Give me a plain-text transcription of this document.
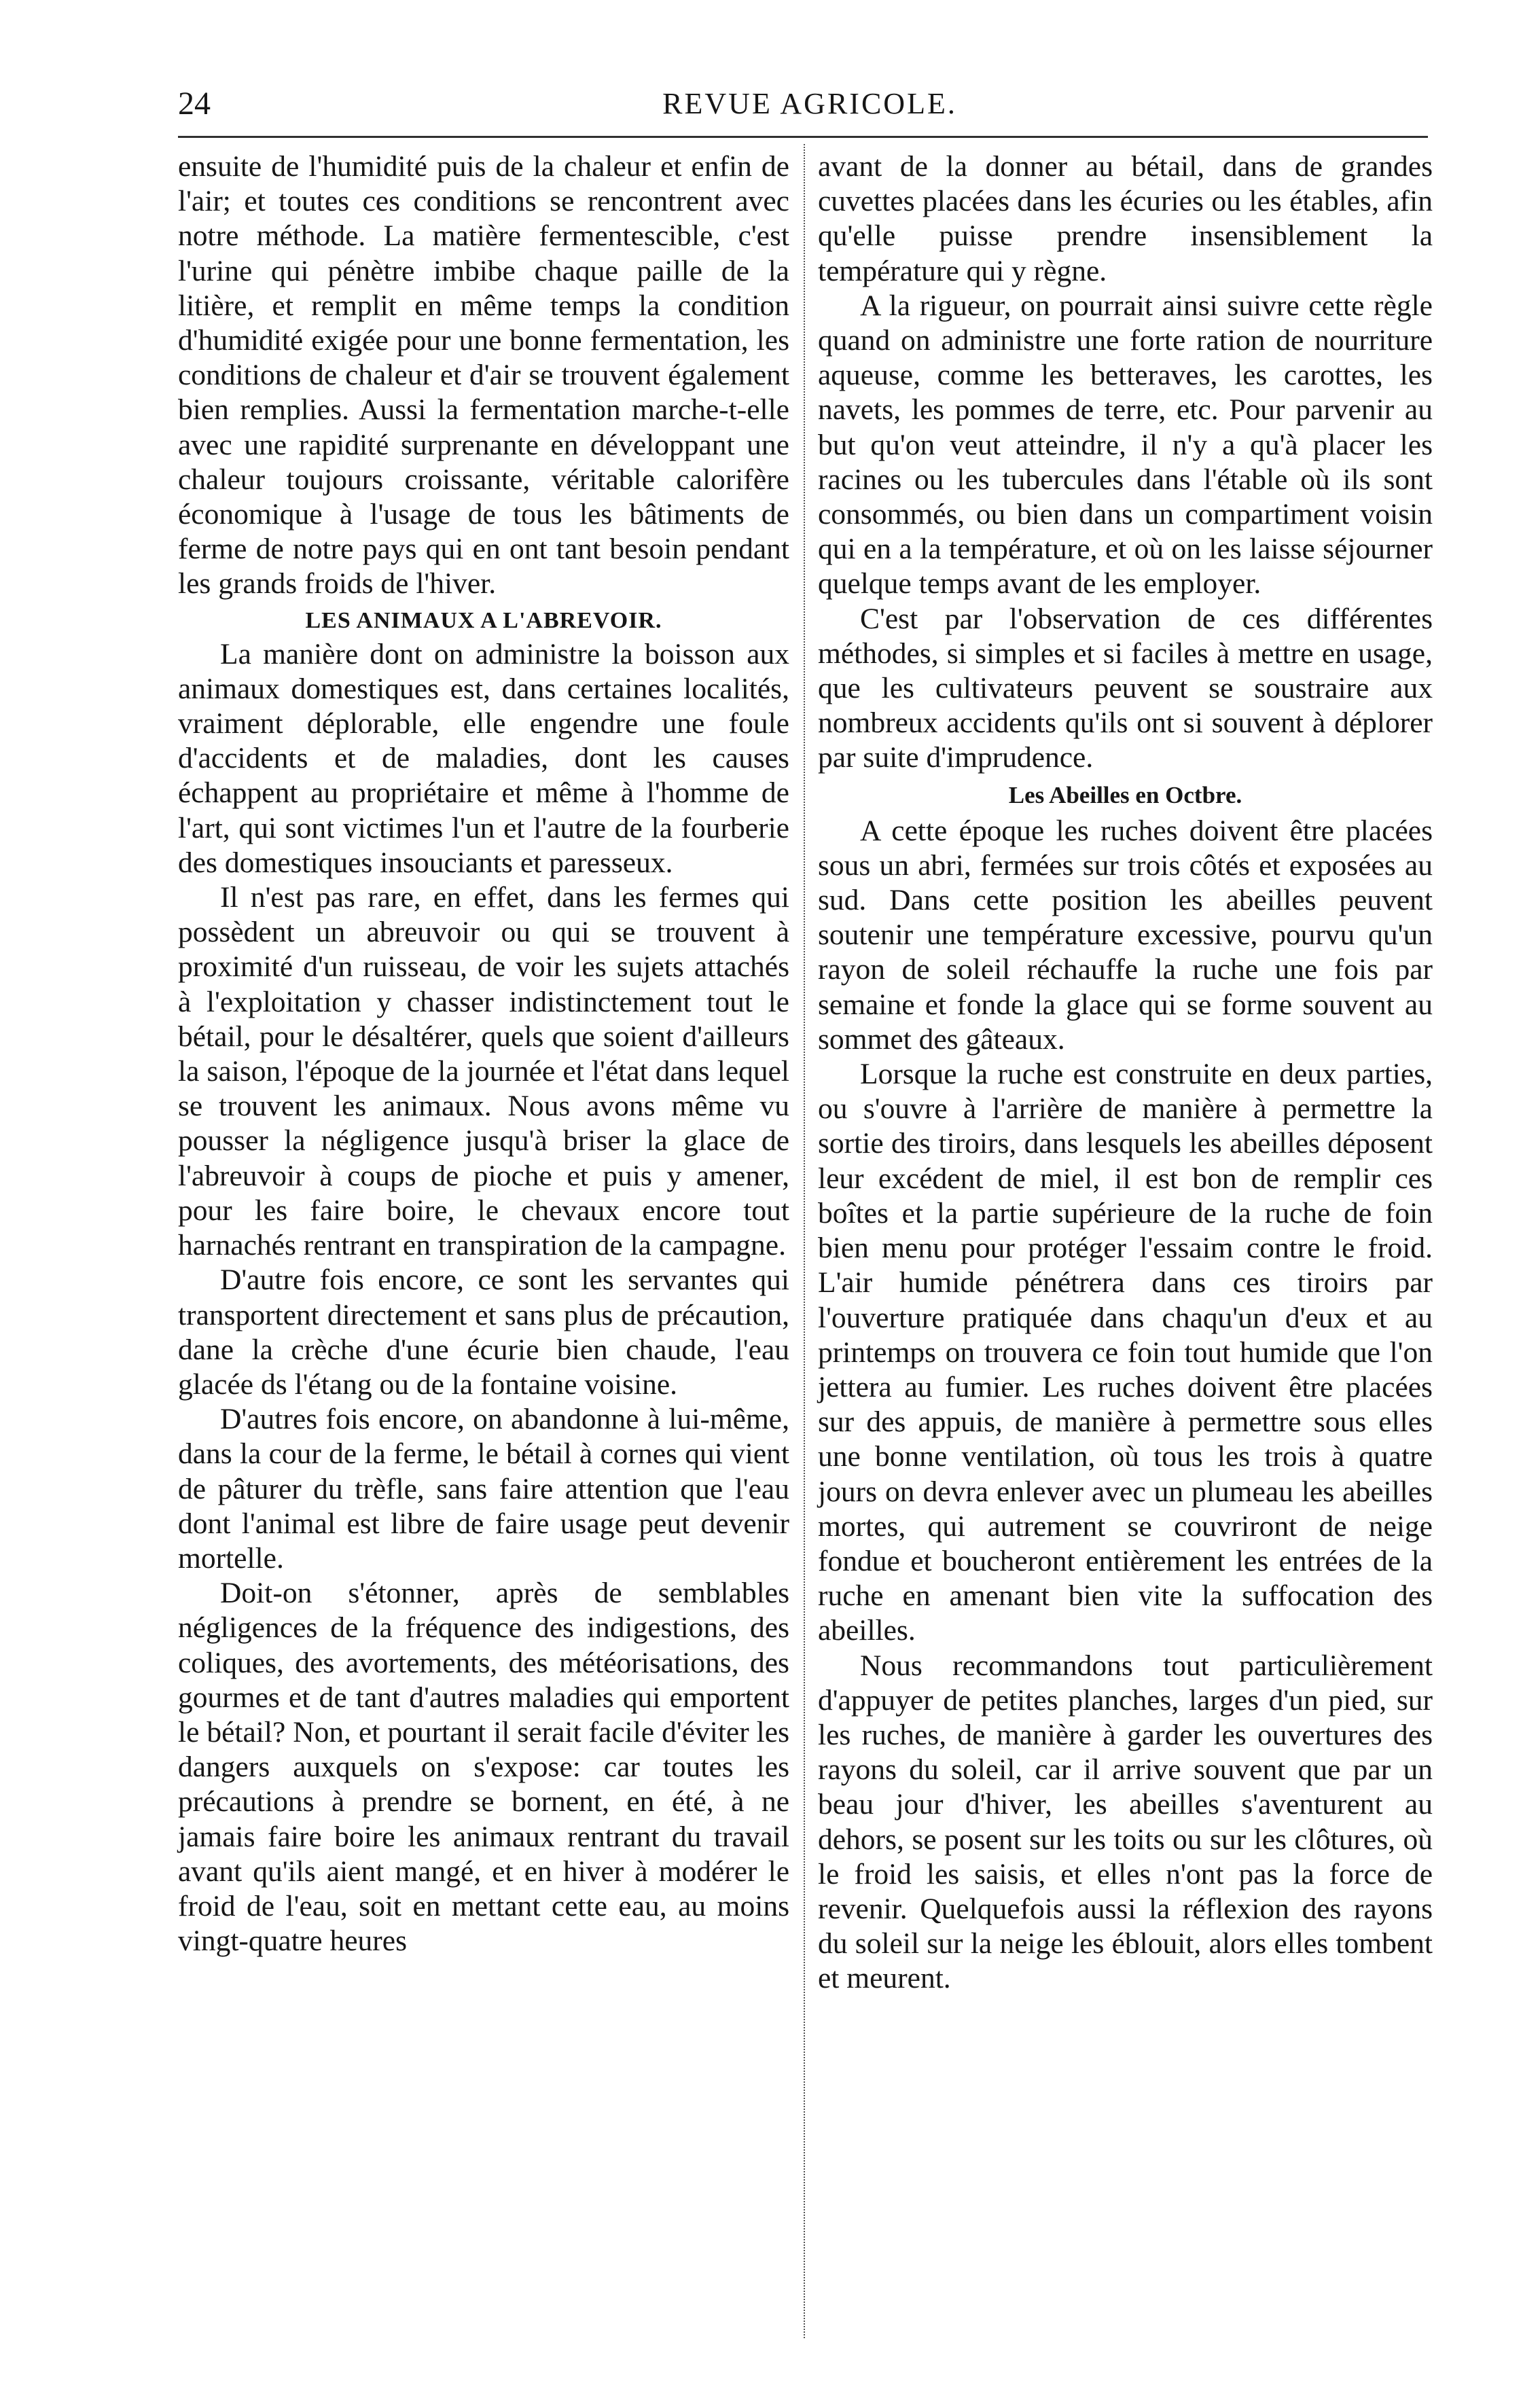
24	REVUE AGRICOLE.

ensuite de l'humidité puis de la chaleur et enfin de l'air; et toutes ces conditions se rencontrent avec notre méthode. La matière fermentescible, c'est l'urine qui pénètre imbibe chaque paille de la litière, et remplit en même temps la condition d'humidité exigée pour une bonne fermentation, les conditions de chaleur et d'air se trouvent également bien remplies. Aussi la fermentation marche-t-elle avec une rapidité surprenante en développant une chaleur toujours croissante, véritable calorifère économique à l'usage de tous les bâtiments de ferme de notre pays qui en ont tant besoin pendant les grands froids de l'hiver.

LES ANIMAUX A L'ABREVOIR.

La manière dont on administre la boisson aux animaux domestiques est, dans certaines localités, vraiment déplorable, elle engendre une foule d'accidents et de maladies, dont les causes échappent au propriétaire et même à l'homme de l'art, qui sont victimes l'un et l'autre de la fourberie des domestiques insouciants et paresseux.

Il n'est pas rare, en effet, dans les fermes qui possèdent un abreuvoir ou qui se trouvent à proximité d'un ruisseau, de voir les sujets attachés à l'exploitation y chasser indistinctement tout le bétail, pour le désaltérer, quels que soient d'ailleurs la saison, l'époque de la journée et l'état dans lequel se trouvent les animaux. Nous avons même vu pousser la négligence jusqu'à briser la glace de l'abreuvoir à coups de pioche et puis y amener, pour les faire boire, le chevaux encore tout harnachés rentrant en transpiration de la campagne.

D'autre fois encore, ce sont les servantes qui transportent directement et sans plus de précaution, dane la crèche d'une écurie bien chaude, l'eau glacée ds l'étang ou de la fontaine voisine.

D'autres fois encore, on abandonne à lui-même, dans la cour de la ferme, le bétail à cornes qui vient de pâturer du trèfle, sans faire attention que l'eau dont l'animal est libre de faire usage peut devenir mortelle.

Doit-on s'étonner, après de semblables négligences de la fréquence des indigestions, des coliques, des avortements, des météorisations, des gourmes et de tant d'autres maladies qui emportent le bétail? Non, et pourtant il serait facile d'éviter les dangers auxquels on s'expose: car toutes les précautions à prendre se bornent, en été, à ne jamais faire boire les animaux rentrant du travail avant qu'ils aient mangé, et en hiver à modérer le froid de l'eau, soit en mettant cette eau, au moins vingt-quatre heures

avant de la donner au bétail, dans de grandes cuvettes placées dans les écuries ou les étables, afin qu'elle puisse prendre insensiblement la température qui y règne.

A la rigueur, on pourrait ainsi suivre cette règle quand on administre une forte ration de nourriture aqueuse, comme les betteraves, les carottes, les navets, les pommes de terre, etc. Pour parvenir au but qu'on veut atteindre, il n'y a qu'à placer les racines ou les tubercules dans l'étable où ils sont consommés, ou bien dans un compartiment voisin qui en a la température, et où on les laisse séjourner quelque temps avant de les employer.

C'est par l'observation de ces différentes méthodes, si simples et si faciles à mettre en usage, que les cultivateurs peuvent se soustraire aux nombreux accidents qu'ils ont si souvent à déplorer par suite d'imprudence.

Les Abeilles en Octbre.

A cette époque les ruches doivent être placées sous un abri, fermées sur trois côtés et exposées au sud. Dans cette position les abeilles peuvent soutenir une température excessive, pourvu qu'un rayon de soleil réchauffe la ruche une fois par semaine et fonde la glace qui se forme souvent au sommet des gâteaux.

Lorsque la ruche est construite en deux parties, ou s'ouvre à l'arrière de manière à permettre la sortie des tiroirs, dans lesquels les abeilles déposent leur excédent de miel, il est bon de remplir ces boîtes et la partie supérieure de la ruche de foin bien menu pour protéger l'essaim contre le froid. L'air humide pénétrera dans ces tiroirs par l'ouverture pratiquée dans chaqu'un d'eux et au printemps on trouvera ce foin tout humide que l'on jettera au fumier. Les ruches doivent être placées sur des appuis, de manière à permettre sous elles une bonne ventilation, où tous les trois à quatre jours on devra enlever avec un plumeau les abeilles mortes, qui autrement se couvriront de neige fondue et boucheront entièrement les entrées de la ruche en amenant bien vite la suffocation des abeilles.

Nous recommandons tout particulièrement d'appuyer de petites planches, larges d'un pied, sur les ruches, de manière à garder les ouvertures des rayons du soleil, car il arrive souvent que par un beau jour d'hiver, les abeilles s'aventurent au dehors, se posent sur les toits ou sur les clôtures, où le froid les saisis, et elles n'ont pas la force de revenir. Quelquefois aussi la réflexion des rayons du soleil sur la neige les éblouit, alors elles tombent et meurent.
